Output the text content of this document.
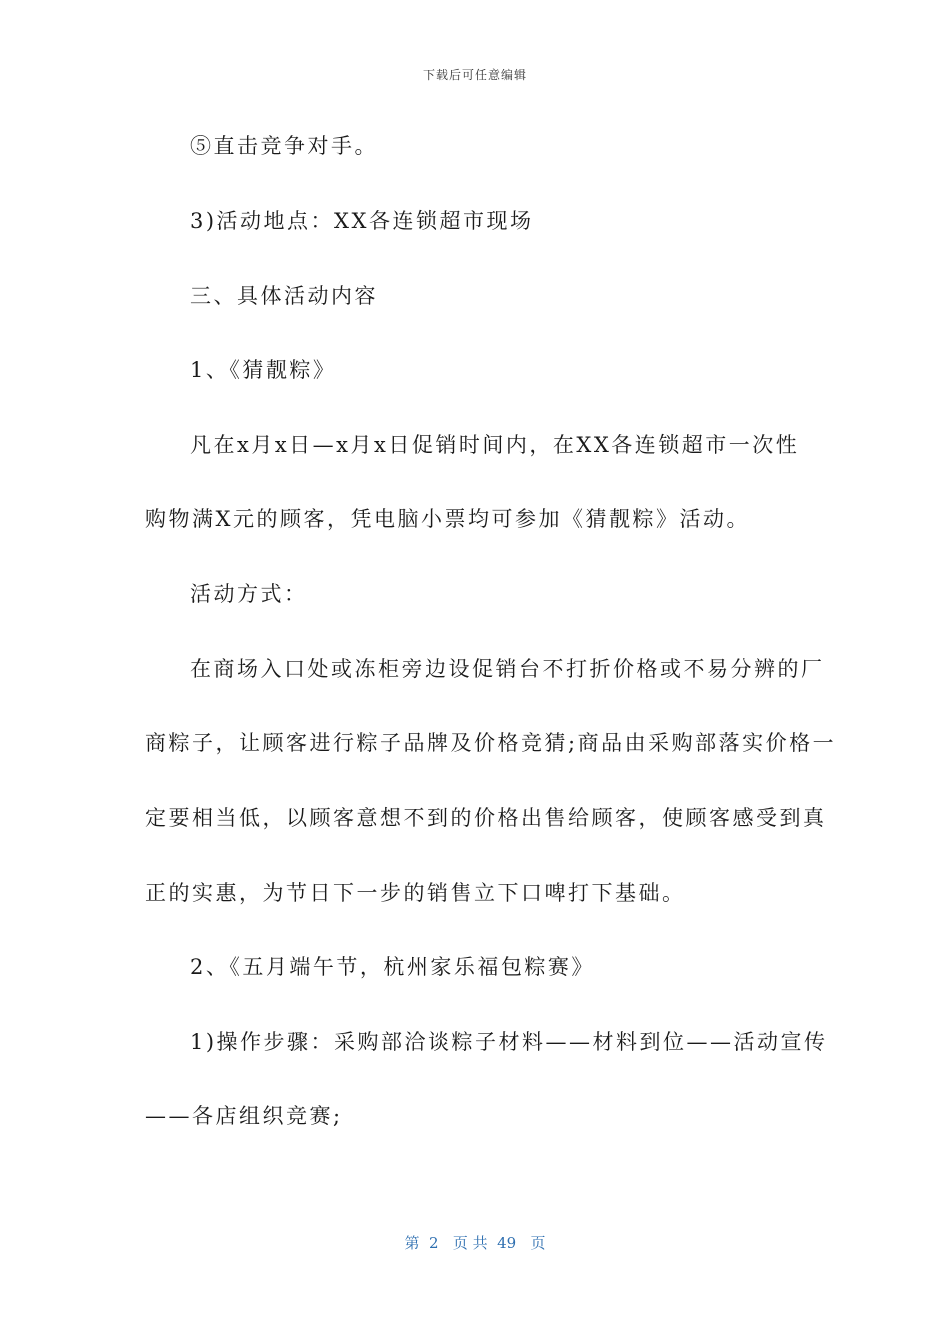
下载后可任意编辑
⑤直击竞争对手。
3)活动地点：XX各连锁超市现场
三、具体活动内容
1、《猜靓粽》
凡在x月x日—x月x日促销时间内，在XX各连锁超市一次性
购物满X元的顾客，凭电脑小票均可参加《猜靓粽》活动。
活动方式：
在商场入口处或冻柜旁边设促销台不打折价格或不易分辨的厂
商粽子，让顾客进行粽子品牌及价格竞猜;商品由采购部落实价格一
定要相当低，以顾客意想不到的价格出售给顾客，使顾客感受到真
正的实惠，为节日下一步的销售立下口啤打下基础。
2、《五月端午节，杭州家乐福包粽赛》
1)操作步骤：采购部洽谈粽子材料——材料到位——活动宣传
——各店组织竞赛;
第  2   页 共  49   页
